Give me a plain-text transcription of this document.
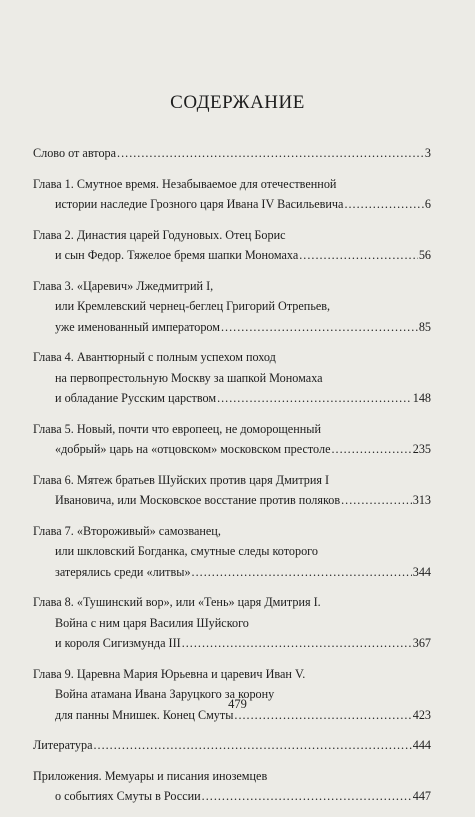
СОДЕРЖАНИЕ
Слово от автора .....	3
Глава 1. Смутное время. Незабываемое для отечественной
истории наследие Грозного царя Ивана IV Васильевича .....	6
Глава 2. Династия царей Годуновых. Отец Борис
и сын Федор. Тяжелое бремя шапки Мономаха .....	56
Глава 3. «Царевич» Лжедмитрий I,
или Кремлевский чернец-беглец Григорий Отрепьев,
уже именованный императором .....	85
Глава 4. Авантюрный с полным успехом поход
на первопрестольную Москву за шапкой Мономаха
и обладание Русским царством .....	148
Глава 5. Новый, почти что европеец, не доморощенный
«добрый» царь на «отцовском» московском престоле .....	235
Глава 6. Мятеж братьев Шуйских против царя Дмитрия I
Ивановича, или Московское восстание против поляков .....	313
Глава 7. «Второживый» самозванец,
или шкловский Богданка, смутные следы которого
затерялись среди «литвы» .....	344
Глава 8. «Тушинский вор», или «Тень» царя Дмитрия I.
Война с ним царя Василия Шуйского
и короля Сигизмунда III .....	367
Глава 9. Царевна Мария Юрьевна и царевич Иван V.
Война атамана Ивана Заруцкого за корону
для панны Мнишек. Конец Смуты .....	423
Литература .....	444
Приложения. Мемуары и писания иноземцев
о событиях Смуты в России .....	447
479
